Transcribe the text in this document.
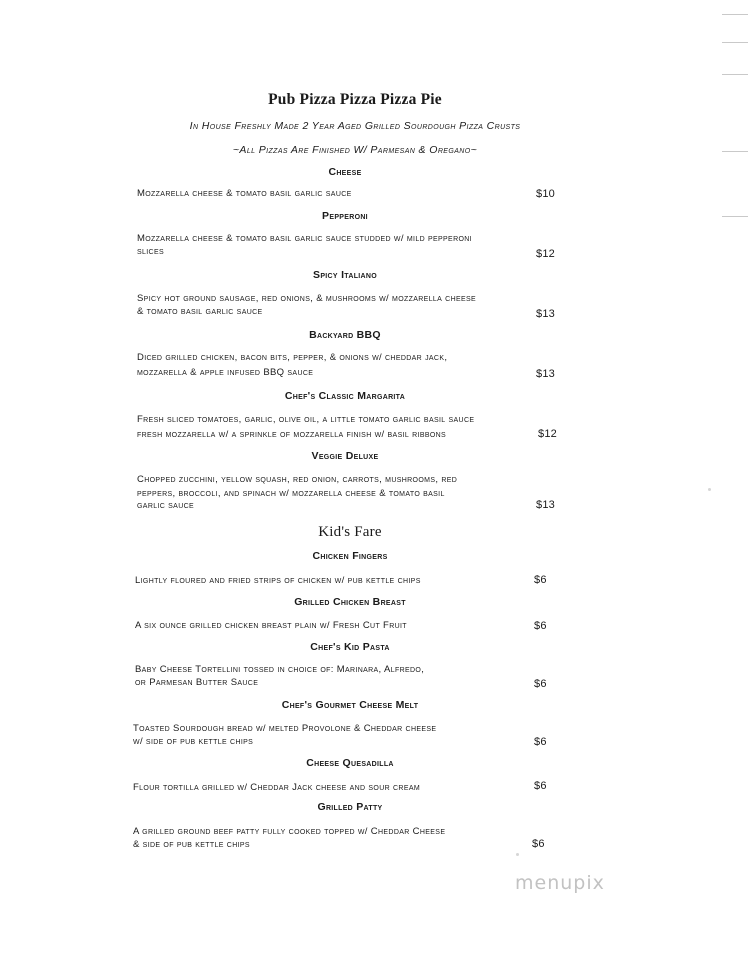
Pub Pizza Pizza Pizza Pie
In House Freshly Made 2 Year Aged Grilled Sourdough Pizza Crusts
~All Pizzas Are Finished W/ Parmesan & Oregano~
Cheese
Mozzarella cheese & tomato basil garlic sauce	$10
Pepperoni
Mozzarella cheese & tomato basil garlic sauce studded w/ mild pepperoni
slices	$12
Spicy Italiano
Spicy hot ground sausage, red onions, & mushrooms w/ mozzarella cheese
& tomato basil garlic sauce	$13
Backyard BBQ
Diced grilled chicken, bacon bits, pepper, & onions w/ cheddar jack,
mozzarella & apple infused BBQ sauce	$13
Chef's Classic Margarita
Fresh sliced tomatoes, garlic, olive oil, a little tomato garlic basil sauce
fresh mozzarella w/ a sprinkle of mozzarella finish w/ basil ribbons	$12
Veggie Deluxe
Chopped zucchini, yellow squash, red onion, carrots, mushrooms, red
peppers, broccoli, and spinach w/ mozzarella cheese & tomato basil
garlic sauce	$13
Kid's Fare
Chicken Fingers
Lightly floured and fried strips of chicken w/ pub kettle chips	$6
Grilled Chicken Breast
A six ounce grilled chicken breast plain w/ Fresh Cut Fruit	$6
Chef's Kid Pasta
Baby Cheese Tortellini tossed in choice of: Marinara, Alfredo,
or Parmesan Butter Sauce	$6
Chef's Gourmet Cheese Melt
Toasted Sourdough bread w/ melted Provolone & Cheddar cheese
w/ side of pub kettle chips	$6
Cheese Quesadilla
Flour tortilla grilled w/ Cheddar Jack cheese and sour cream	$6
Grilled Patty
A grilled ground beef patty fully cooked topped w/ Cheddar Cheese
& side of pub kettle chips	$6
menupix
